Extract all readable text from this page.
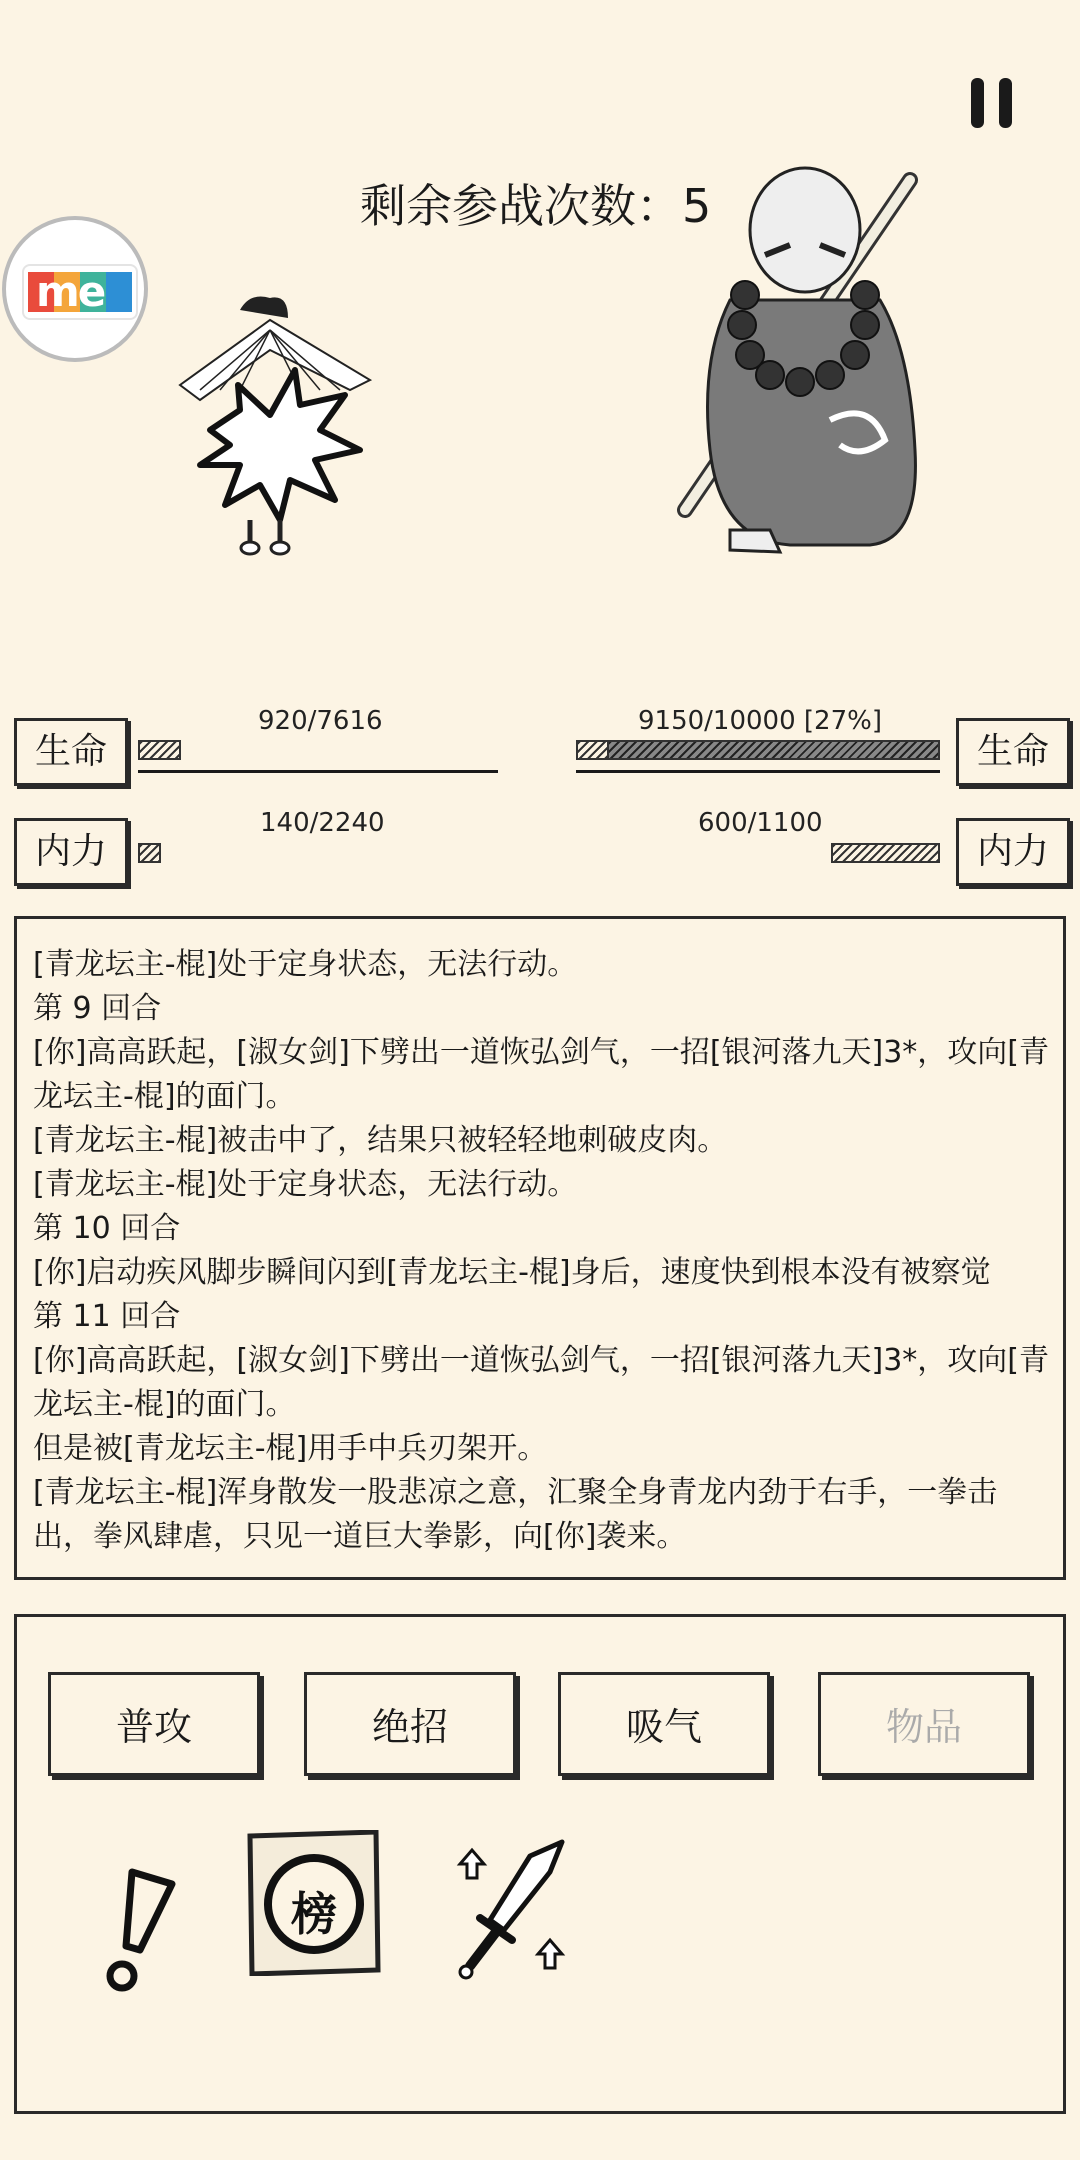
剩余参战次数：5
me
生命
920/7616
内力
140/2240
生命
9150/10000 [27%]
内力
600/1100
[青龙坛主-棍]处于定身状态，无法行动。
第 9 回合
[你]高高跃起，[淑女剑]下劈出一道恢弘剑气，一招[银河落九天]3*，攻向[青龙坛主-棍]的面门。
[青龙坛主-棍]被击中了，结果只被轻轻地刺破皮肉。
[青龙坛主-棍]处于定身状态，无法行动。
第 10 回合
[你]启动疾风脚步瞬间闪到[青龙坛主-棍]身后，速度快到根本没有被察觉
第 11 回合
[你]高高跃起，[淑女剑]下劈出一道恢弘剑气，一招[银河落九天]3*，攻向[青龙坛主-棍]的面门。
但是被[青龙坛主-棍]用手中兵刃架开。
[青龙坛主-棍]浑身散发一股悲凉之意，汇聚全身青龙内劲于右手，一拳击出，拳风肆虐，只见一道巨大拳影，向[你]袭来。
普攻	绝招	吸气	物品
榜
